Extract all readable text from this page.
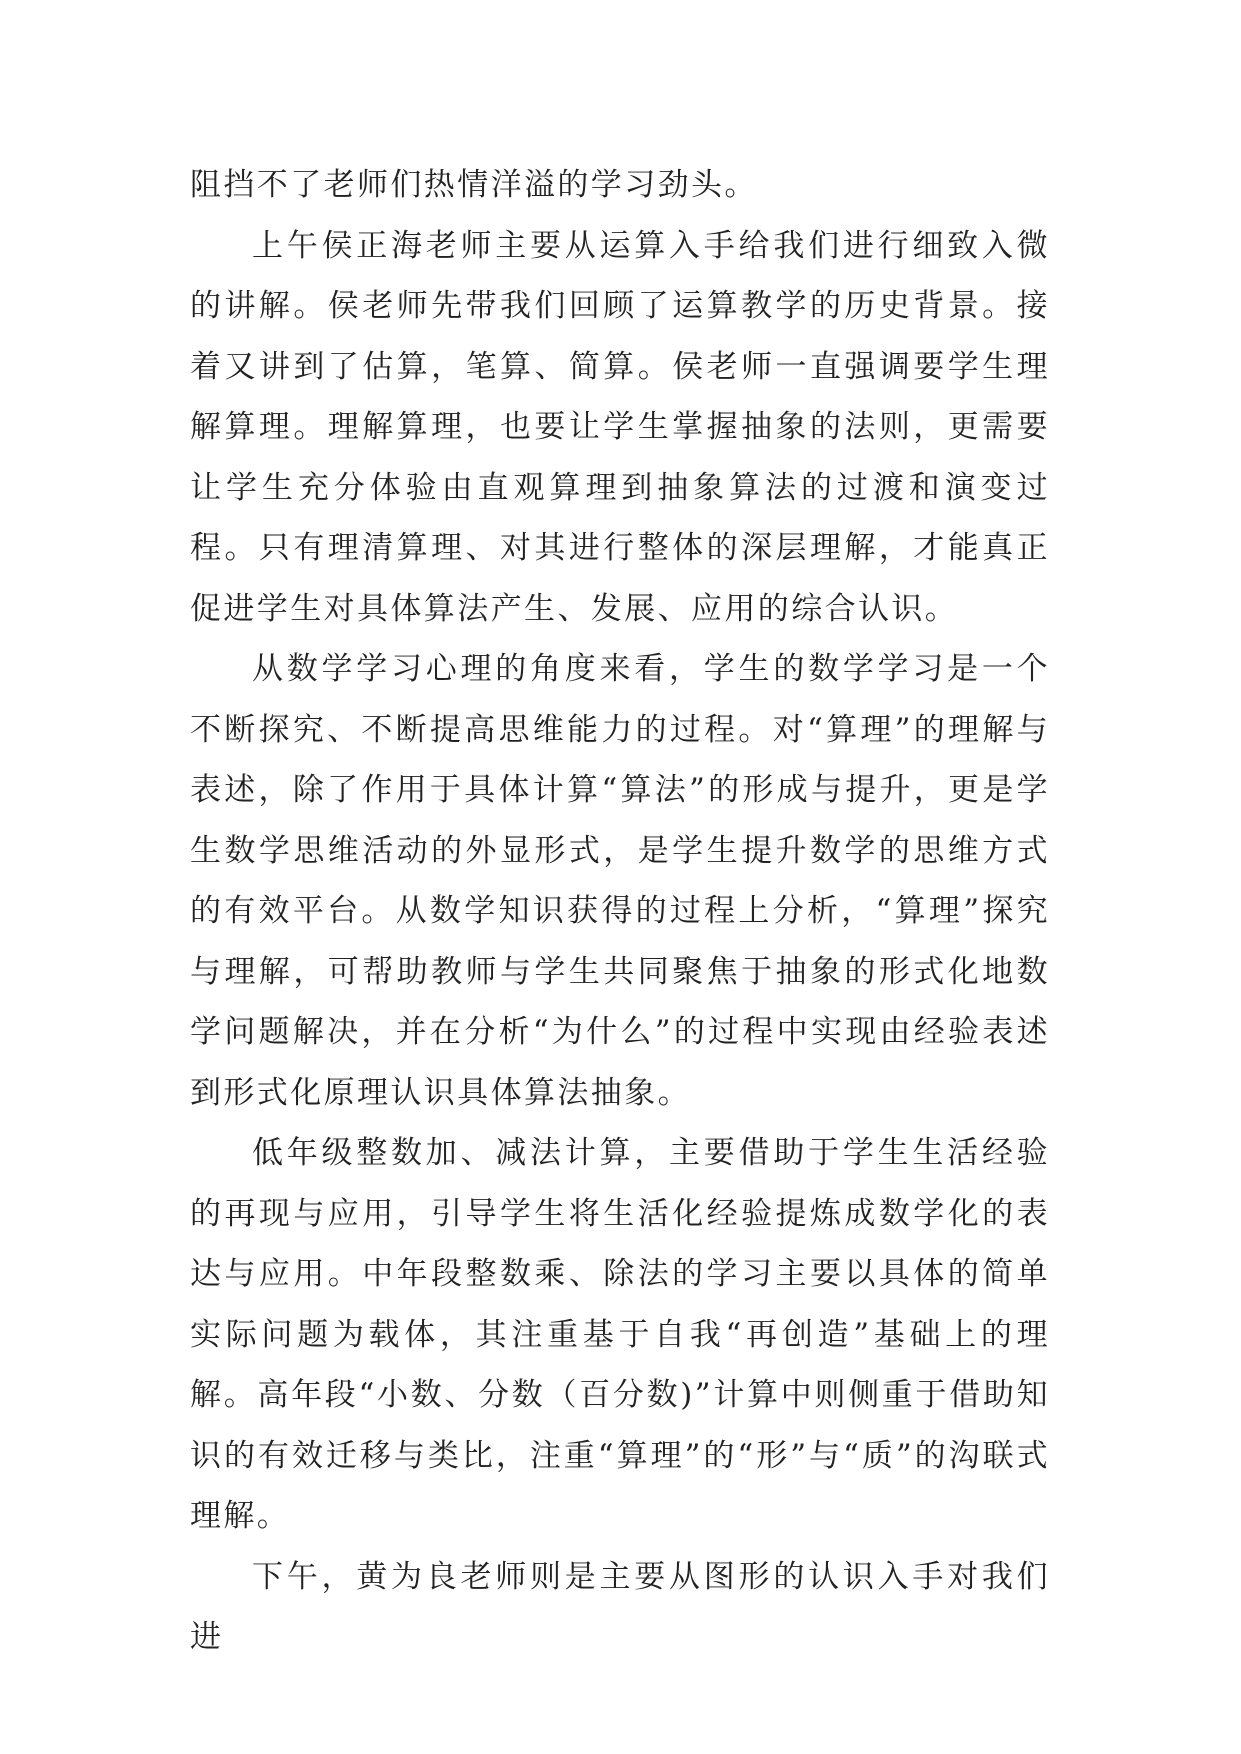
阻挡不了老师们热情洋溢的学习劲头。

上午侯正海老师主要从运算入手给我们进行细致入微的讲解。侯老师先带我们回顾了运算教学的历史背景。接着又讲到了估算，笔算、简算。侯老师一直强调要学生理解算理。理解算理，也要让学生掌握抽象的法则，更需要让学生充分体验由直观算理到抽象算法的过渡和演变过程。只有理清算理、对其进行整体的深层理解，才能真正促进学生对具体算法产生、发展、应用的综合认识。

从数学学习心理的角度来看，学生的数学学习是一个不断探究、不断提高思维能力的过程。对“算理”的理解与表述，除了作用于具体计算“算法”的形成与提升，更是学生数学思维活动的外显形式，是学生提升数学的思维方式的有效平台。从数学知识获得的过程上分析，“算理”探究与理解，可帮助教师与学生共同聚焦于抽象的形式化地数学问题解决，并在分析“为什么”的过程中实现由经验表述到形式化原理认识具体算法抽象。

低年级整数加、减法计算，主要借助于学生生活经验的再现与应用，引导学生将生活化经验提炼成数学化的表达与应用。中年段整数乘、除法的学习主要以具体的简单实际问题为载体，其注重基于自我“再创造”基础上的理解。高年段“小数、分数（百分数)”计算中则侧重于借助知识的有效迁移与类比，注重“算理”的“形”与“质”的沟联式理解。

下午，黄为良老师则是主要从图形的认识入手对我们进
